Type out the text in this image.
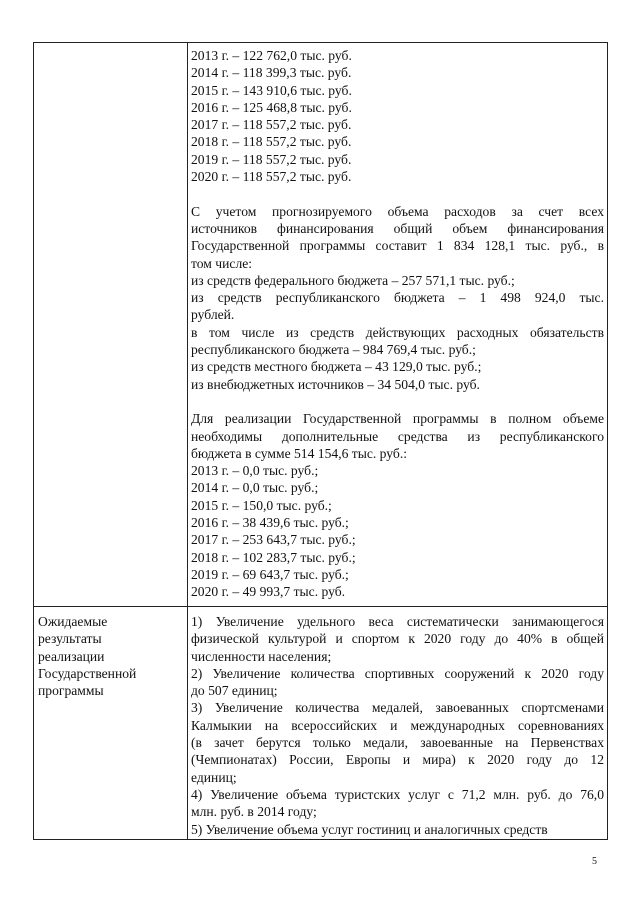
2013 г. – 122 762,0 тыс. руб.

2014 г. – 118 399,3 тыс. руб.

2015 г. – 143 910,6 тыс. руб.

2016 г. – 125 468,8 тыс. руб.

2017 г. – 118 557,2 тыс. руб.

2018 г. – 118 557,2 тыс. руб.

2019 г. – 118 557,2 тыс. руб.

2020 г. – 118 557,2 тыс. руб.

С учетом прогнозируемого объема расходов за счет всех

источников финансирования общий объем финансирования

Государственной программы составит 1 834 128,1 тыс. руб., в

том числе:

из средств федерального бюджета – 257 571,1 тыс. руб.;

из средств республиканского бюджета – 1 498 924,0 тыс.

рублей.

в том числе из средств действующих расходных обязательств

республиканского бюджета – 984 769,4 тыс. руб.;

из средств местного бюджета – 43 129,0 тыс. руб.;

из внебюджетных источников – 34 504,0 тыс. руб.

Для реализации Государственной программы в полном объеме

необходимы дополнительные средства из республиканского

бюджета в сумме 514 154,6 тыс. руб.:

2013 г. – 0,0 тыс. руб.;

2014 г. – 0,0 тыс. руб.;

2015 г. – 150,0 тыс. руб.;

2016 г. – 38 439,6 тыс. руб.;

2017 г. – 253 643,7 тыс. руб.;

2018 г. – 102 283,7 тыс. руб.;

2019 г. – 69 643,7 тыс. руб.;

2020 г. – 49 993,7 тыс. руб.

Ожидаемые

результаты

реализации

Государственной

программы

1) Увеличение удельного веса систематически занимающегося

физической культурой и спортом к 2020 году до 40% в общей

численности населения;

2) Увеличение количества спортивных сооружений к 2020 году

до 507 единиц;

3) Увеличение количества медалей, завоеванных спортсменами

Калмыкии на всероссийских и международных соревнованиях

(в зачет берутся только медали, завоеванные на Первенствах

(Чемпионатах) России, Европы и мира) к 2020 году до 12

единиц;

4) Увеличение объема туристских услуг с 71,2 млн. руб. до 76,0

млн. руб. в 2014 году;

5) Увеличение объема услуг гостиниц и аналогичных средств

5
